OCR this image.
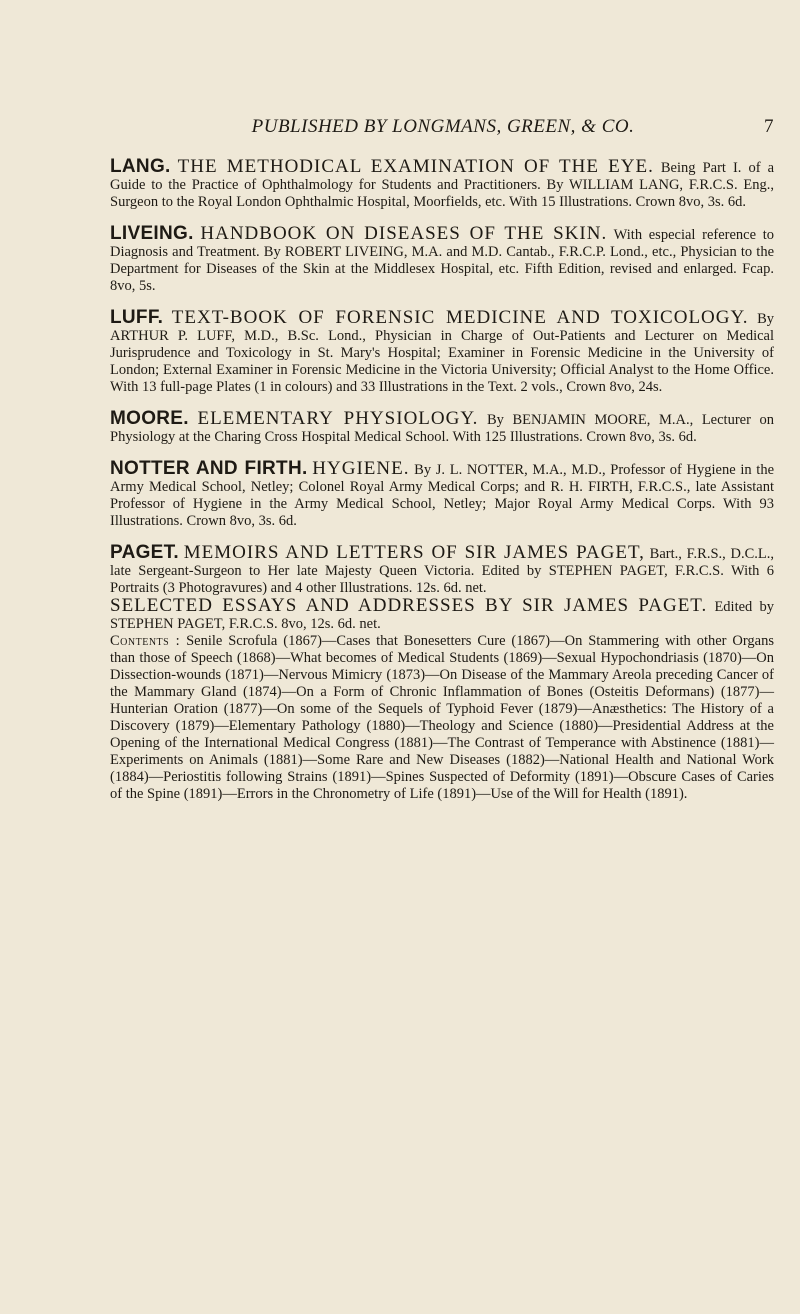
PUBLISHED BY LONGMANS, GREEN, & CO.	7

LANG. THE METHODICAL EXAMINATION OF THE EYE. Being Part I. of a Guide to the Practice of Ophthalmology for Students and Practitioners. By WILLIAM LANG, F.R.C.S. Eng., Surgeon to the Royal London Ophthalmic Hospital, Moorfields, etc. With 15 Illustrations. Crown 8vo, 3s. 6d.

LIVEING. HANDBOOK ON DISEASES OF THE SKIN. With especial reference to Diagnosis and Treatment. By ROBERT LIVEING, M.A. and M.D. Cantab., F.R.C.P. Lond., etc., Physician to the Department for Diseases of the Skin at the Middlesex Hospital, etc. Fifth Edition, revised and enlarged. Fcap. 8vo, 5s.

LUFF. TEXT-BOOK OF FORENSIC MEDICINE AND TOXICOLOGY. By ARTHUR P. LUFF, M.D., B.Sc. Lond., Physician in Charge of Out-Patients and Lecturer on Medical Jurisprudence and Toxicology in St. Mary's Hospital; Examiner in Forensic Medicine in the University of London; External Examiner in Forensic Medicine in the Victoria University; Official Analyst to the Home Office. With 13 full-page Plates (1 in colours) and 33 Illustrations in the Text. 2 vols., Crown 8vo, 24s.

MOORE. ELEMENTARY PHYSIOLOGY. By BENJAMIN MOORE, M.A., Lecturer on Physiology at the Charing Cross Hospital Medical School. With 125 Illustrations. Crown 8vo, 3s. 6d.

NOTTER AND FIRTH. HYGIENE. By J. L. NOTTER, M.A., M.D., Professor of Hygiene in the Army Medical School, Netley; Colonel Royal Army Medical Corps; and R. H. FIRTH, F.R.C.S., late Assistant Professor of Hygiene in the Army Medical School, Netley; Major Royal Army Medical Corps. With 93 Illustrations. Crown 8vo, 3s. 6d.

PAGET. MEMOIRS AND LETTERS OF SIR JAMES PAGET, Bart., F.R.S., D.C.L., late Sergeant-Surgeon to Her late Majesty Queen Victoria. Edited by STEPHEN PAGET, F.R.C.S. With 6 Portraits (3 Photogravures) and 4 other Illustrations. 12s. 6d. net.

SELECTED ESSAYS AND ADDRESSES BY SIR JAMES PAGET. Edited by STEPHEN PAGET, F.R.C.S. 8vo, 12s. 6d. net.

Contents : Senile Scrofula (1867)—Cases that Bonesetters Cure (1867)—On Stammering with other Organs than those of Speech (1868)—What becomes of Medical Students (1869)—Sexual Hypochondriasis (1870)—On Dissection-wounds (1871)—Nervous Mimicry (1873)—On Disease of the Mammary Areola preceding Cancer of the Mammary Gland (1874)—On a Form of Chronic Inflammation of Bones (Osteitis Deformans) (1877)—Hunterian Oration (1877)—On some of the Sequels of Typhoid Fever (1879)—Anæsthetics: The History of a Discovery (1879)—Elementary Pathology (1880)—Theology and Science (1880)—Presidential Address at the Opening of the International Medical Congress (1881)—The Contrast of Temperance with Abstinence (1881)—Experiments on Animals (1881)—Some Rare and New Diseases (1882)—National Health and National Work (1884)—Periostitis following Strains (1891)—Spines Suspected of Deformity (1891)—Obscure Cases of Caries of the Spine (1891)—Errors in the Chronometry of Life (1891)—Use of the Will for Health (1891).
